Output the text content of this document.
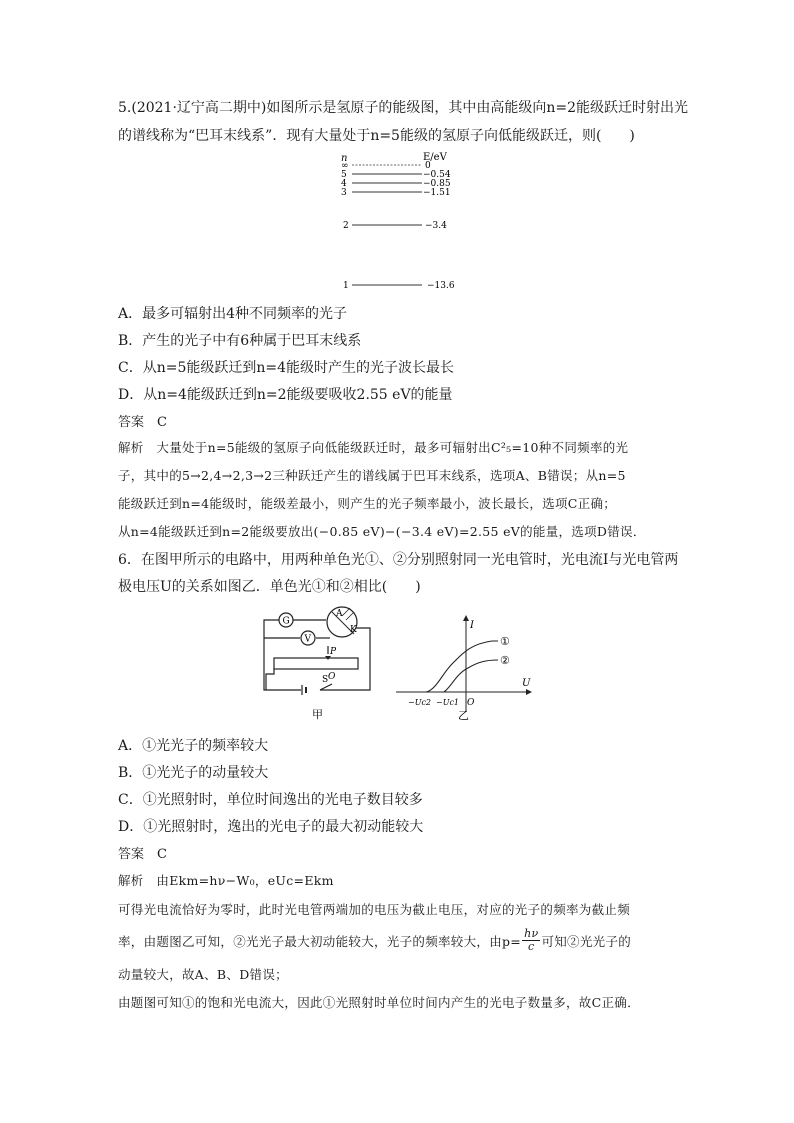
5.(2021·辽宁高二期中)如图所示是氢原子的能级图，其中由高能级向n=2能级跃迁时射出光
的谱线称为“巴耳末线系”．现有大量处于n=5能级的氢原子向低能级跃迁，则(　　)
n	E/eV
∞	0
5	−0.54
4	−0.85
3	−1.51
2	−3.4
1	−13.6
A．最多可辐射出4种不同频率的光子
B．产生的光子中有6种属于巴耳末线系
C．从n=5能级跃迁到n=4能级时产生的光子波长最长
D．从n=4能级跃迁到n=2能级要吸收2.55 eV的能量
答案　C
解析　大量处于n=5能级的氢原子向低能级跃迁时，最多可辐射出C²₅=10种不同频率的光
子，其中的5→2,4→2,3→2三种跃迁产生的谱线属于巴耳末线系，选项A、B错误；从n=5
能级跃迁到n=4能级时，能级差最小，则产生的光子频率最小，波长最长，选项C正确；
从n=4能级跃迁到n=2能级要放出(−0.85 eV)−(−3.4 eV)=2.55 eV的能量，选项D错误．
6．在图甲所示的电路中，用两种单色光①、②分别照射同一光电管时，光电流I与光电管两
极电压U的关系如图乙．单色光①和②相比(　　)
G
V
A
K
P
O
S
甲
I
U
O
①
②
−Uc2 −Uc1
乙
A．①光光子的频率较大
B．①光光子的动量较大
C．①光照射时，单位时间逸出的光电子数目较多
D．①光照射时，逸出的光电子的最大初动能较大
答案　C
解析　由Ekm=hν−W₀，eUc=Ekm
可得光电流恰好为零时，此时光电管两端加的电压为截止电压，对应的光子的频率为截止频
率，由题图乙可知，②光光子最大初动能较大，光子的频率较大，由$p= \frac{h\nu}{c}$ 可知②光光子的
动量较大，故A、B、D错误；
由题图可知①的饱和光电流大，因此①光照射时单位时间内产生的光电子数量多，故C正确．
